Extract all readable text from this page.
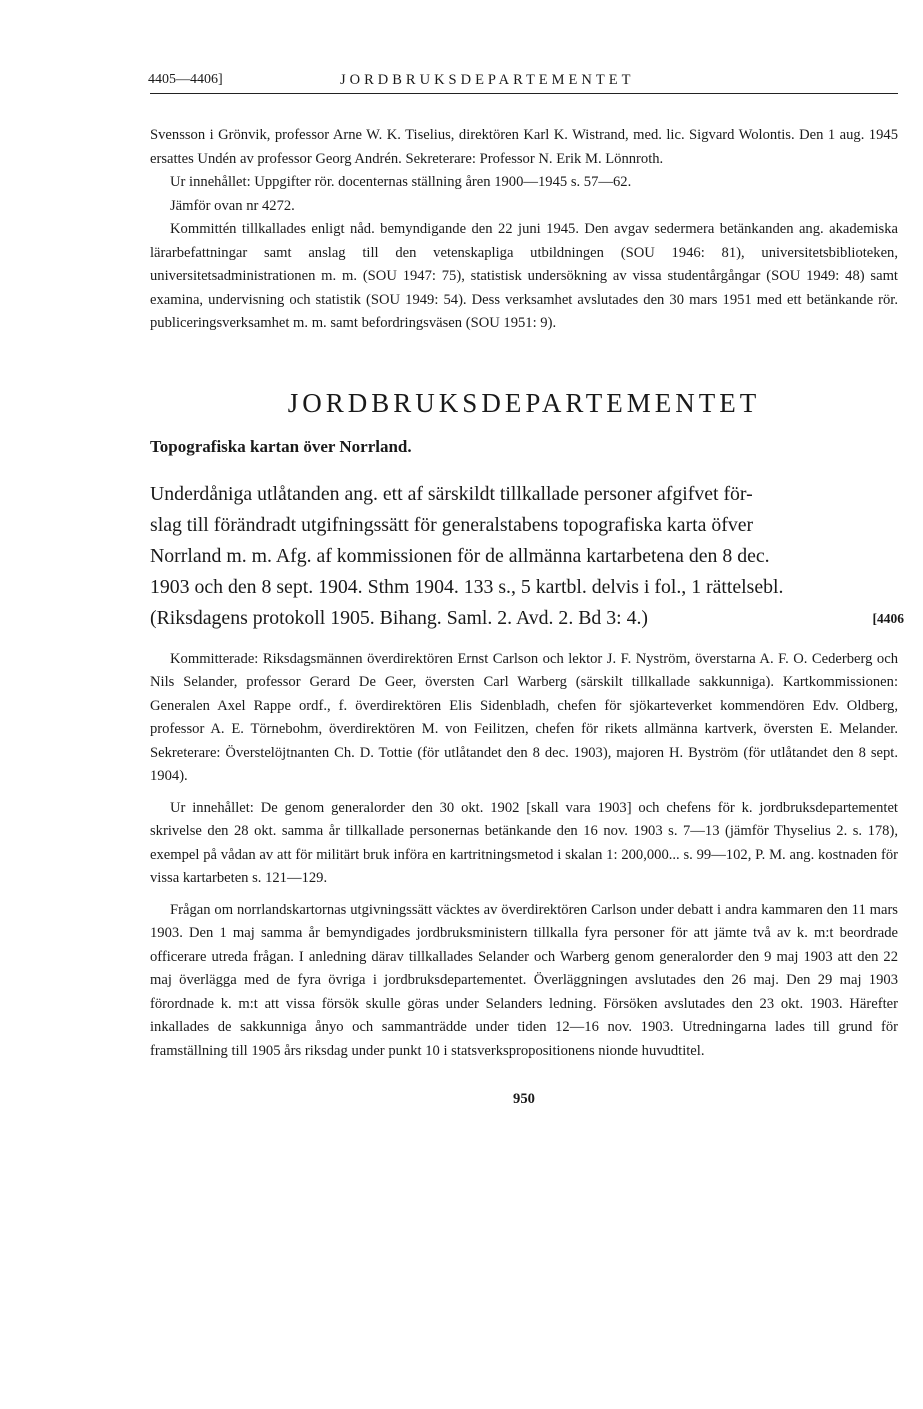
4405—4406]	JORDBRUKSDEPARTEMENTET

Svensson i Grönvik, professor Arne W. K. Tiselius, direktören Karl K. Wistrand, med. lic. Sigvard Wolontis. Den 1 aug. 1945 ersattes Undén av professor Georg Andrén. Sekreterare: Professor N. Erik M. Lönnroth.

Ur innehållet: Uppgifter rör. docenternas ställning åren 1900—1945 s. 57—62.

Jämför ovan nr 4272.

Kommittén tillkallades enligt nåd. bemyndigande den 22 juni 1945. Den avgav sedermera betänkanden ang. akademiska lärarbefattningar samt anslag till den vetenskapliga utbildningen (SOU 1946: 81), universitetsbiblioteken, universitetsadministrationen m. m. (SOU 1947: 75), statistisk undersökning av vissa studentårgångar (SOU 1949: 48) samt examina, undervisning och statistik (SOU 1949: 54). Dess verksamhet avslutades den 30 mars 1951 med ett betänkande rör. publiceringsverksamhet m. m. samt befordringsväsen (SOU 1951: 9).

JORDBRUKSDEPARTEMENTET

Topografiska kartan över Norrland.

Underdåniga utlåtanden ang. ett af särskildt tillkallade personer afgifvet för-
slag till förändradt utgifningssätt för generalstabens topografiska karta öfver
Norrland m. m. Afg. af kommissionen för de allmänna kartarbetena den 8 dec.
1903 och den 8 sept. 1904. Sthm 1904. 133 s., 5 kartbl. delvis i fol., 1 rättelsebl.
(Riksdagens protokoll 1905. Bihang. Saml. 2. Avd. 2. Bd 3: 4.)	[4406

Kommitterade: Riksdagsmännen överdirektören Ernst Carlson och lektor J. F. Nyström, överstarna A. F. O. Cederberg och Nils Selander, professor Gerard De Geer, översten Carl Warberg (särskilt tillkallade sakkunniga). Kartkommissionen: Generalen Axel Rappe ordf., f. överdirektören Elis Sidenbladh, chefen för sjökarteverket kommendören Edv. Oldberg, professor A. E. Törnebohm, överdirektören M. von Feilitzen, chefen för rikets allmänna kartverk, översten E. Melander. Sekreterare: Överstelöjtnanten Ch. D. Tottie (för utlåtandet den 8 dec. 1903), majoren H. Byström (för utlåtandet den 8 sept. 1904).

Ur innehållet: De genom generalorder den 30 okt. 1902 [skall vara 1903] och chefens för k. jordbruksdepartementet skrivelse den 28 okt. samma år tillkallade personernas betänkande den 16 nov. 1903 s. 7—13 (jämför Thyselius 2. s. 178), exempel på vådan av att för militärt bruk införa en kartritningsmetod i skalan 1: 200,000... s. 99—102, P. M. ang. kostnaden för vissa kartarbeten s. 121—129.

Frågan om norrlandskartornas utgivningssätt väcktes av överdirektören Carlson under debatt i andra kammaren den 11 mars 1903. Den 1 maj samma år bemyndigades jordbruksministern tillkalla fyra personer för att jämte två av k. m:t beordrade officerare utreda frågan. I anledning därav tillkallades Selander och Warberg genom generalorder den 9 maj 1903 att den 22 maj överlägga med de fyra övriga i jordbruksdepartementet. Överläggningen avslutades den 26 maj. Den 29 maj 1903 förordnade k. m:t att vissa försök skulle göras under Selanders ledning. Försöken avslutades den 23 okt. 1903. Härefter inkallades de sakkunniga ånyo och sammanträdde under tiden 12—16 nov. 1903. Utredningarna lades till grund för framställning till 1905 års riksdag under punkt 10 i statsverkspropositionens nionde huvudtitel.

950
